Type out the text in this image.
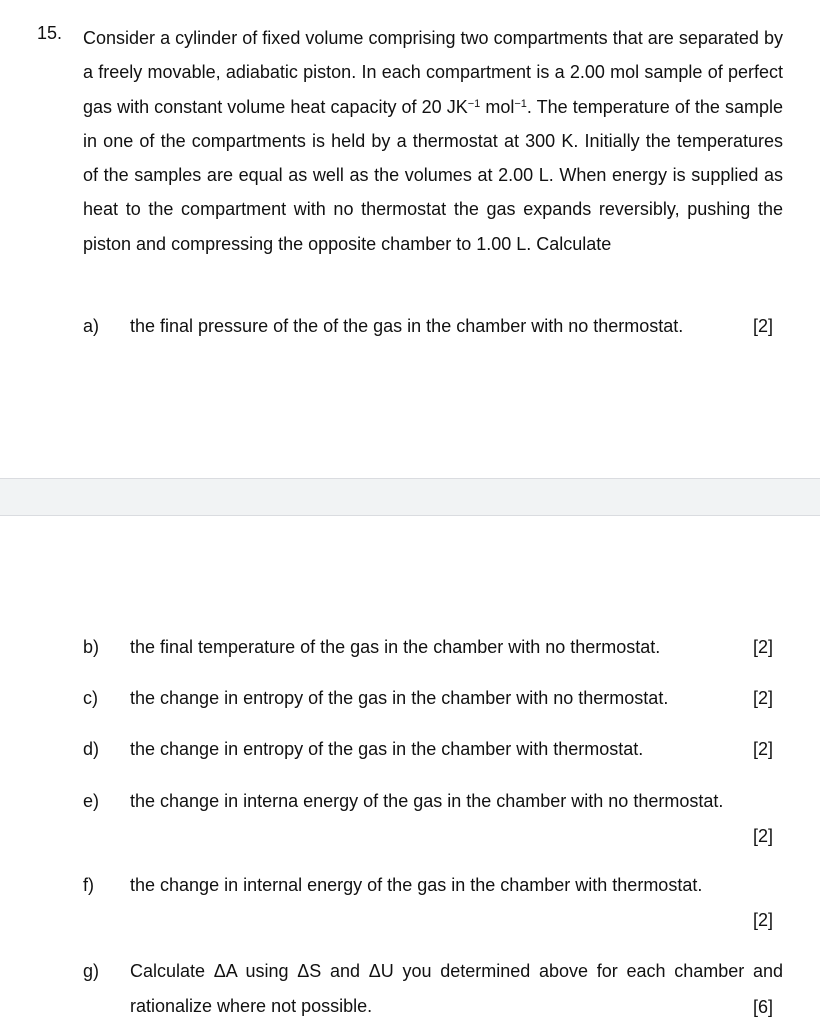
15. Consider a cylinder of fixed volume comprising two compartments that are separated by a freely movable, adiabatic piston. In each compartment is a 2.00 mol sample of perfect gas with constant volume heat capacity of 20 $JK^{-1}$ mol$^{-1}$. The temperature of the sample in one of the compartments is held by a thermostat at 300 K. Initially the temperatures of the samples are equal as well as the volumes at 2.00 L. When energy is supplied as heat to the compartment with no thermostat the gas expands reversibly, pushing the piston and compressing the opposite chamber to 1.00 L. Calculate

a) the final pressure of the of the gas in the chamber with no thermostat.	[2]
b) the final temperature of the gas in the chamber with no thermostat.	[2]
c) the change in entropy of the gas in the chamber with no thermostat.	[2]
d) the change in entropy of the gas in the chamber with thermostat.	[2]
e) the change in interna energy of the gas in the chamber with no thermostat.
[2]
f) the change in internal energy of the gas in the chamber with thermostat.
[2]
g) Calculate ΔA using ΔS and ΔU you determined above for each chamber and rationalize where not possible.	[6]
